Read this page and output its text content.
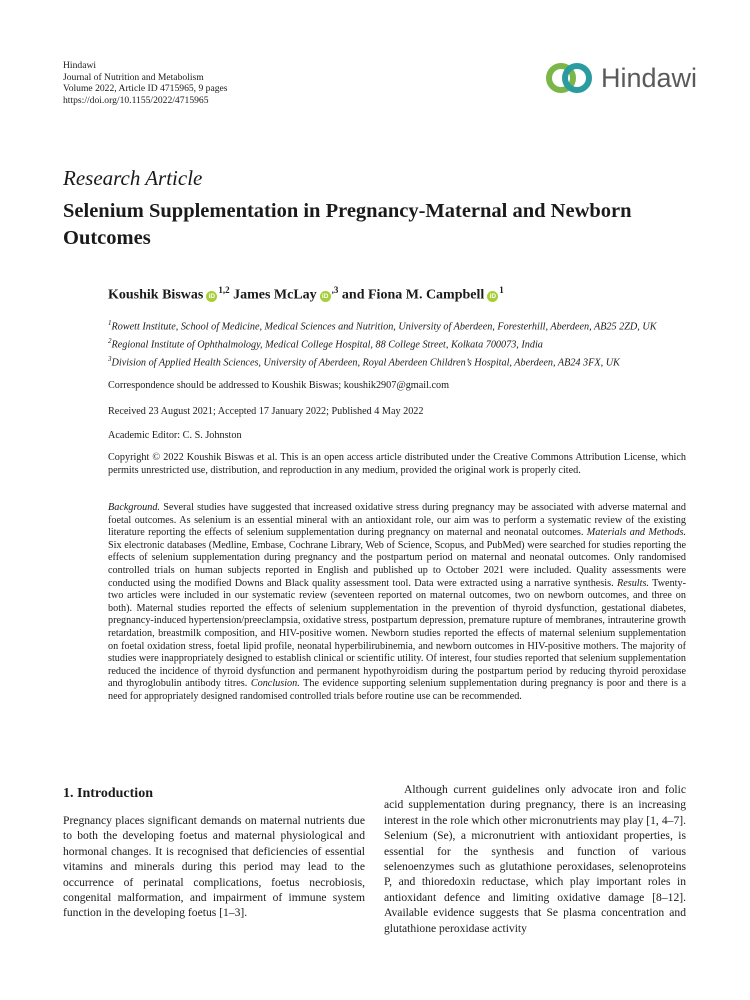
Hindawi
Journal of Nutrition and Metabolism
Volume 2022, Article ID 4715965, 9 pages
https://doi.org/10.1155/2022/4715965
Hindawi
Research Article
Selenium Supplementation in Pregnancy-Maternal and Newborn Outcomes
Koushik Biswas iD$^{1,2}$ James McLay $iD^{,3}$ and Fiona M. Campbell $iD^1$
$^1$Rowett Institute, School of Medicine, Medical Sciences and Nutrition, University of Aberdeen, Foresterhill, Aberdeen, AB25 2ZD, UK
$^2$Regional Institute of Ophthalmology, Medical College Hospital, 88 College Street, Kolkata 700073, India
$^3$Division of Applied Health Sciences, University of Aberdeen, Royal Aberdeen Children’s Hospital, Aberdeen, AB24 3FX, UK
Correspondence should be addressed to Koushik Biswas; koushik2907@gmail.com
Received 23 August 2021; Accepted 17 January 2022; Published 4 May 2022
Academic Editor: C. S. Johnston
Copyright © 2022 Koushik Biswas et al. This is an open access article distributed under the Creative Commons Attribution License, which permits unrestricted use, distribution, and reproduction in any medium, provided the original work is properly cited.
Background. Several studies have suggested that increased oxidative stress during pregnancy may be associated with adverse maternal and foetal outcomes. As selenium is an essential mineral with an antioxidant role, our aim was to perform a systematic review of the existing literature reporting the effects of selenium supplementation during pregnancy on maternal and neonatal outcomes. Materials and Methods. Six electronic databases (Medline, Embase, Cochrane Library, Web of Science, Scopus, and PubMed) were searched for studies reporting the effects of selenium supplementation during pregnancy and the postpartum period on maternal and neonatal outcomes. Only randomised controlled trials on human subjects reported in English and published up to October 2021 were included. Quality assessments were conducted using the modified Downs and Black quality assessment tool. Data were extracted using a narrative synthesis. Results. Twenty-two articles were included in our systematic review (seventeen reported on maternal outcomes, two on newborn outcomes, and three on both). Maternal studies reported the effects of selenium supplementation in the prevention of thyroid dysfunction, gestational diabetes, pregnancy-induced hypertension/preeclampsia, oxidative stress, postpartum depression, premature rupture of membranes, intrauterine growth retardation, breastmilk composition, and HIV-positive women. Newborn studies reported the effects of maternal selenium supplementation on foetal oxidation stress, foetal lipid profile, neonatal hyperbilirubinemia, and newborn outcomes in HIV-positive mothers. The majority of studies were inappropriately designed to establish clinical or scientific utility. Of interest, four studies reported that selenium supplementation reduced the incidence of thyroid dysfunction and permanent hypothyroidism during the postpartum period by reducing thyroid peroxidase and thyroglobulin antibody titres. Conclusion. The evidence supporting selenium supplementation during pregnancy is poor and there is a need for appropriately designed randomised controlled trials before routine use can be recommended.
1. Introduction
Pregnancy places significant demands on maternal nutrients due to both the developing foetus and maternal physiological and hormonal changes. It is recognised that deficiencies of essential vitamins and minerals during this period may lead to the occurrence of perinatal complications, foetus necrobiosis, congenital malformation, and impairment of immune system function in the developing foetus [1–3].
Although current guidelines only advocate iron and folic acid supplementation during pregnancy, there is an increasing interest in the role which other micronutrients may play [1, 4–7]. Selenium (Se), a micronutrient with antioxidant properties, is essential for the synthesis and function of various selenoenzymes such as glutathione peroxidases, selenoproteins P, and thioredoxin reductase, which play important roles in antioxidant defence and limiting oxidative damage [8–12]. Available evidence suggests that Se plasma concentration and glutathione peroxidase activity
